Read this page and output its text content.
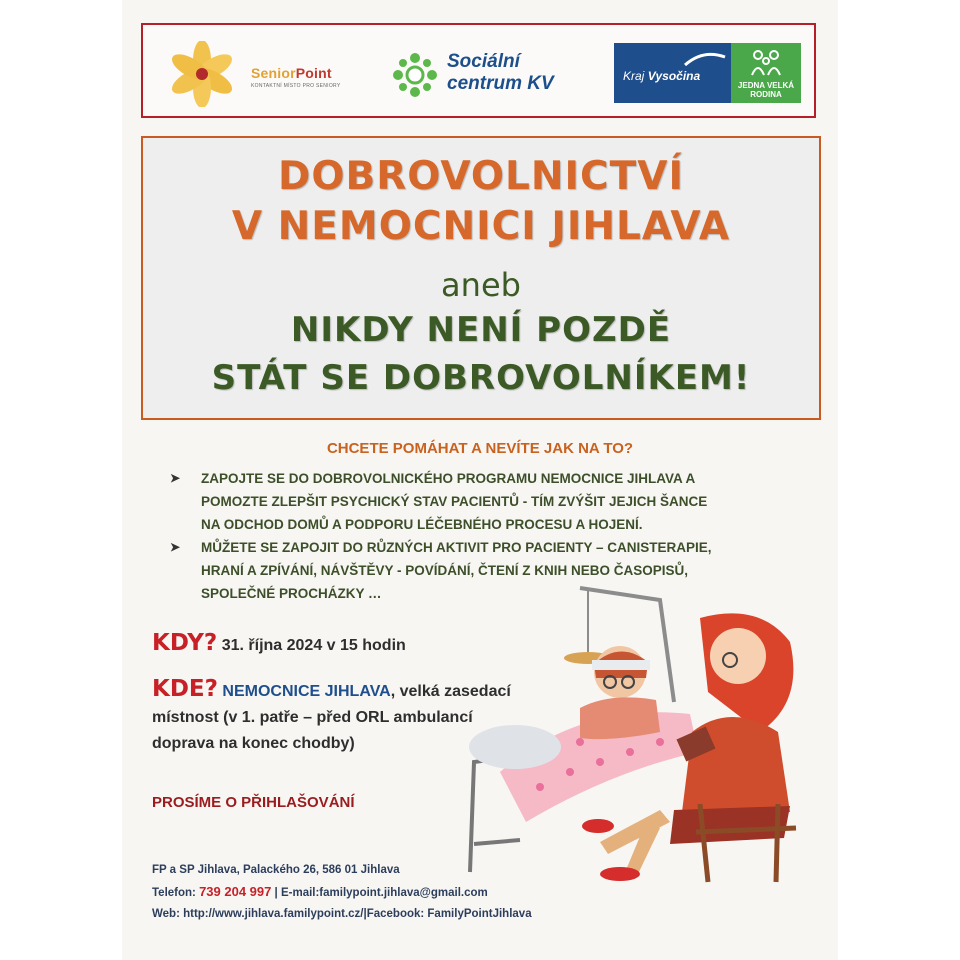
SeniorPoint
KONTAKTNÍ MÍSTO PRO SENIORY
Sociální
centrum KV	Kraj Vysočina
JEDNA VELKÁ
RODINA
DOBROVOLNICTVÍ
V NEMOCNICI JIHLAVA
aneb
NIKDY NENÍ POZDĚ
STÁT SE DOBROVOLNÍKEM!
CHCETE POMÁHAT A NEVÍTE JAK NA TO?
➤ ZAPOJTE SE DO DOBROVOLNICKÉHO PROGRAMU NEMOCNICE JIHLAVA A
POMOZTE ZLEPŠIT PSYCHICKÝ STAV PACIENTŮ - TÍM ZVÝŠIT JEJICH ŠANCE
NA ODCHOD DOMŮ A PODPORU LÉČEBNÉHO PROCESU A HOJENÍ.
➤ MŮŽETE SE ZAPOJIT DO RŮZNÝCH AKTIVIT PRO PACIENTY – CANISTERAPIE,
HRANÍ A ZPÍVÁNÍ, NÁVŠTĚVY - POVÍDÁNÍ, ČTENÍ Z KNIH NEBO ČASOPISŮ,
SPOLEČNÉ PROCHÁZKY …
KDY? 31. října 2024 v 15 hodin
KDE? NEMOCNICE JIHLAVA, velká zasedací
místnost (v 1. patře – před ORL ambulancí
doprava na konec chodby)
PROSÍME O PŘIHLAŠOVÁNÍ
FP a SP Jihlava, Palackého 26, 586 01 Jihlava
Telefon: 739 204 997 | E-mail:familypoint.jihlava@gmail.com
Web: http://www.jihlava.familypoint.cz/|Facebook: FamilyPointJihlava
